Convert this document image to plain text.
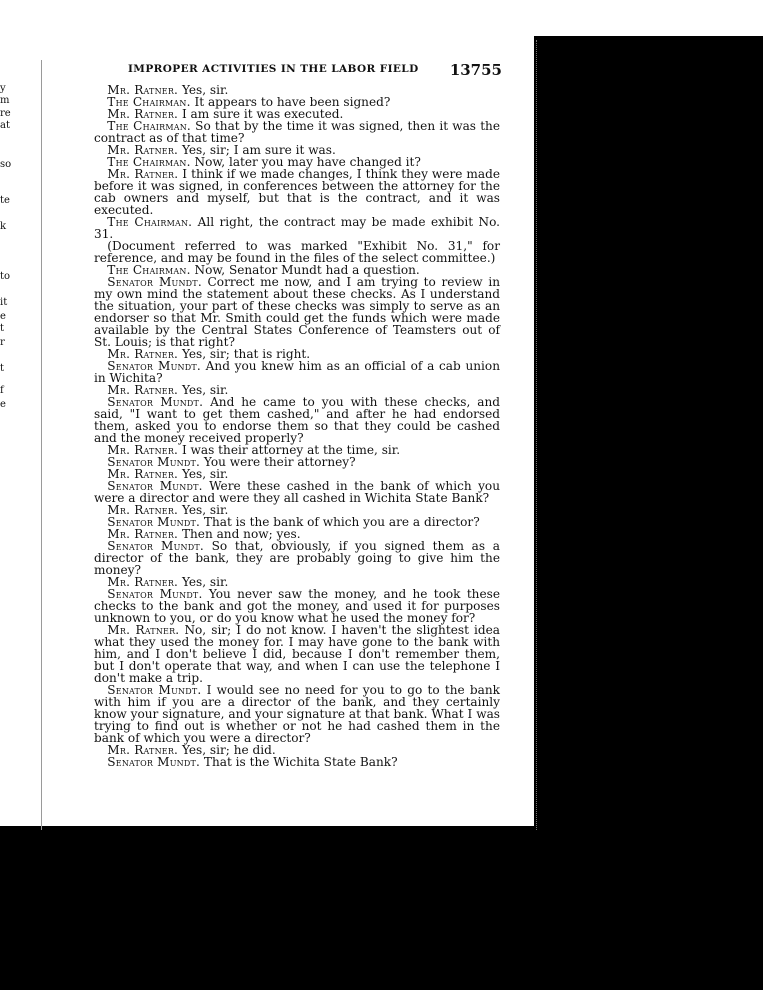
y
m
re
at
so
te
k
to
it
e
t
r
t
f
e
IMPROPER ACTIVITIES IN THE LABOR FIELD 13755

Mr. Ratner. Yes, sir.

The Chairman. It appears to have been signed?

Mr. Ratner. I am sure it was executed.

The Chairman. So that by the time it was signed, then it was the contract as of that time?

Mr. Ratner. Yes, sir; I am sure it was.

The Chairman. Now, later you may have changed it?

Mr. Ratner. I think if we made changes, I think they were made before it was signed, in conferences between the attorney for the cab owners and myself, but that is the contract, and it was executed.

The Chairman. All right, the contract may be made exhibit No. 31.

(Document referred to was marked "Exhibit No. 31," for reference, and may be found in the files of the select committee.)

The Chairman. Now, Senator Mundt had a question.

Senator Mundt. Correct me now, and I am trying to review in my own mind the statement about these checks. As I understand the situation, your part of these checks was simply to serve as an endorser so that Mr. Smith could get the funds which were made available by the Central States Conference of Teamsters out of St. Louis; is that right?

Mr. Ratner. Yes, sir; that is right.

Senator Mundt. And you knew him as an official of a cab union in Wichita?

Mr. Ratner. Yes, sir.

Senator Mundt. And he came to you with these checks, and said, "I want to get them cashed," and after he had endorsed them, asked you to endorse them so that they could be cashed and the money received properly?

Mr. Ratner. I was their attorney at the time, sir.

Senator Mundt. You were their attorney?

Mr. Ratner. Yes, sir.

Senator Mundt. Were these cashed in the bank of which you were a director and were they all cashed in Wichita State Bank?

Mr. Ratner. Yes, sir.

Senator Mundt. That is the bank of which you are a director?

Mr. Ratner. Then and now; yes.

Senator Mundt. So that, obviously, if you signed them as a director of the bank, they are probably going to give him the money?

Mr. Ratner. Yes, sir.

Senator Mundt. You never saw the money, and he took these checks to the bank and got the money, and used it for purposes unknown to you, or do you know what he used the money for?

Mr. Ratner. No, sir; I do not know. I haven't the slightest idea what they used the money for. I may have gone to the bank with him, and I don't believe I did, because I don't remember them, but I don't operate that way, and when I can use the telephone I don't make a trip.

Senator Mundt. I would see no need for you to go to the bank with him if you are a director of the bank, and they certainly know your signature, and your signature at that bank. What I was trying to find out is whether or not he had cashed them in the bank of which you were a director?

Mr. Ratner. Yes, sir; he did.

Senator Mundt. That is the Wichita State Bank?
